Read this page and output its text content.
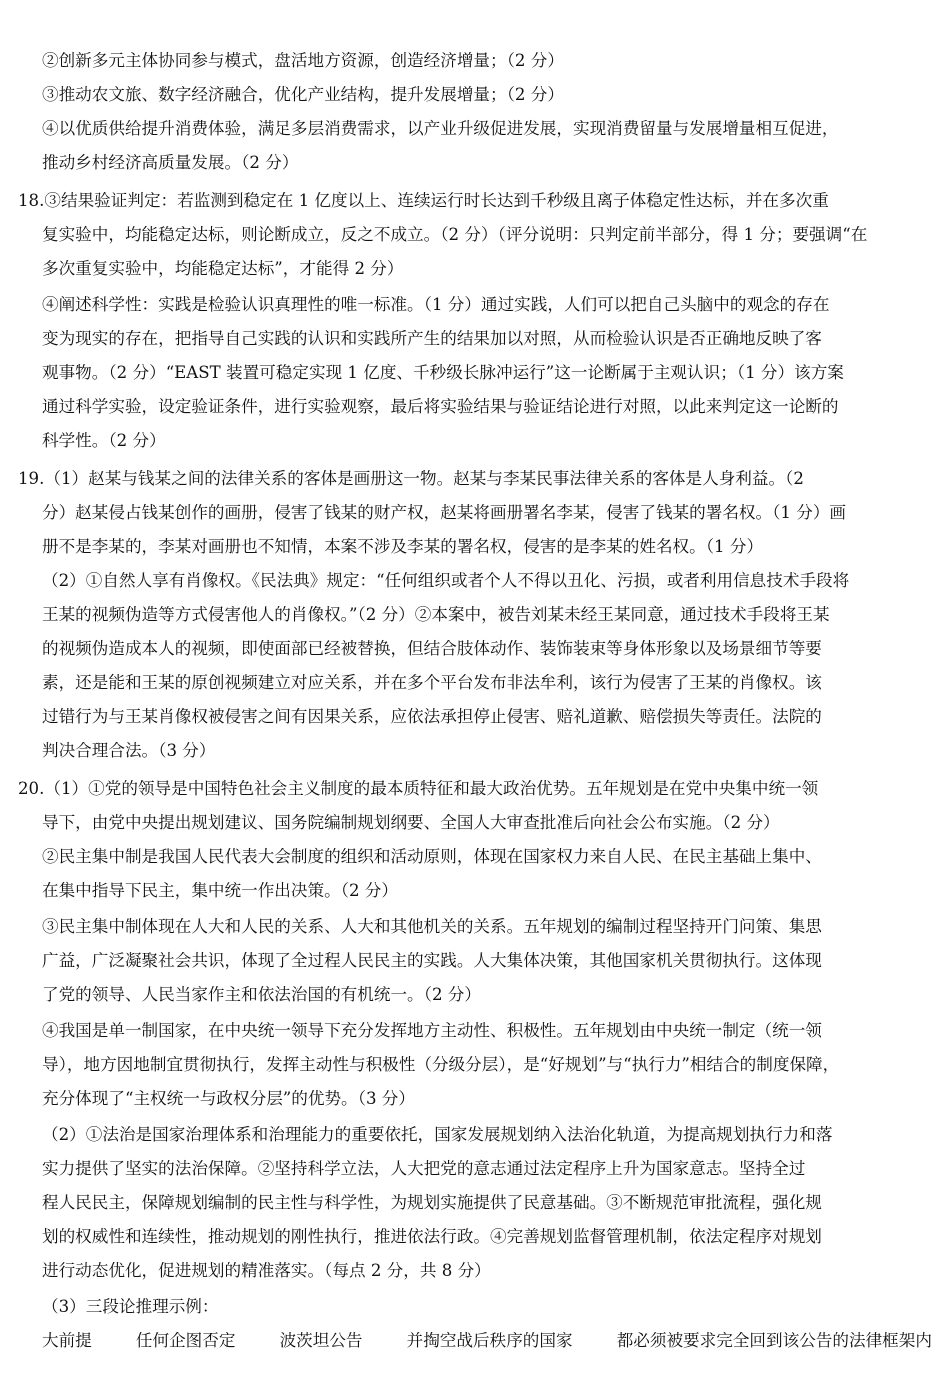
②创新多元主体协同参与模式，盘活地方资源，创造经济增量；（2 分）
③推动农文旅、数字经济融合，优化产业结构，提升发展增量；（2 分）
④以优质供给提升消费体验，满足多层消费需求，以产业升级促进发展，实现消费留量与发展增量相互促进，
推动乡村经济高质量发展。（2 分）
18.③结果验证判定：若监测到稳定在 1 亿度以上、连续运行时长达到千秒级且离子体稳定性达标，并在多次重
复实验中，均能稳定达标，则论断成立，反之不成立。（2 分）（评分说明：只判定前半部分，得 1 分；要强调“在
多次重复实验中，均能稳定达标”，才能得 2 分）
④阐述科学性：实践是检验认识真理性的唯一标准。（1 分）通过实践，人们可以把自己头脑中的观念的存在
变为现实的存在，把指导自己实践的认识和实践所产生的结果加以对照，从而检验认识是否正确地反映了客
观事物。（2 分）“EAST 装置可稳定实现 1 亿度、千秒级长脉冲运行”这一论断属于主观认识；（1 分）该方案
通过科学实验，设定验证条件，进行实验观察，最后将实验结果与验证结论进行对照，以此来判定这一论断的
科学性。（2 分）
19.（1）赵某与钱某之间的法律关系的客体是画册这一物。赵某与李某民事法律关系的客体是人身利益。（2
分）赵某侵占钱某创作的画册，侵害了钱某的财产权，赵某将画册署名李某，侵害了钱某的署名权。（1 分）画
册不是李某的，李某对画册也不知情，本案不涉及李某的署名权，侵害的是李某的姓名权。（1 分）
（2）①自然人享有肖像权。《民法典》规定：“任何组织或者个人不得以丑化、污损，或者利用信息技术手段将
王某的视频伪造等方式侵害他人的肖像权。”（2 分）②本案中，被告刘某未经王某同意，通过技术手段将王某
的视频伪造成本人的视频，即使面部已经被替换，但结合肢体动作、装饰装束等身体形象以及场景细节等要
素，还是能和王某的原创视频建立对应关系，并在多个平台发布非法牟利，该行为侵害了王某的肖像权。该
过错行为与王某肖像权被侵害之间有因果关系，应依法承担停止侵害、赔礼道歉、赔偿损失等责任。法院的
判决合理合法。（3 分）
20.（1）①党的领导是中国特色社会主义制度的最本质特征和最大政治优势。五年规划是在党中央集中统一领
导下，由党中央提出规划建议、国务院编制规划纲要、全国人大审查批准后向社会公布实施。（2 分）
②民主集中制是我国人民代表大会制度的组织和活动原则，体现在国家权力来自人民、在民主基础上集中、
在集中指导下民主，集中统一作出决策。（2 分）
③民主集中制体现在人大和人民的关系、人大和其他机关的关系。五年规划的编制过程坚持开门问策、集思
广益，广泛凝聚社会共识，体现了全过程人民民主的实践。人大集体决策，其他国家机关贯彻执行。这体现
了党的领导、人民当家作主和依法治国的有机统一。（2 分）
④我国是单一制国家，在中央统一领导下充分发挥地方主动性、积极性。五年规划由中央统一制定（统一领
导），地方因地制宜贯彻执行，发挥主动性与积极性（分级分层），是“好规划”与“执行力”相结合的制度保障，
充分体现了“主权统一与政权分层”的优势。（3 分）
（2）①法治是国家治理体系和治理能力的重要依托，国家发展规划纳入法治化轨道，为提高规划执行力和落
实力提供了坚实的法治保障。②坚持科学立法，人大把党的意志通过法定程序上升为国家意志。坚持全过
程人民民主，保障规划编制的民主性与科学性，为规划实施提供了民意基础。③不断规范审批流程，强化规
划的权威性和连续性，推动规划的刚性执行，推进依法行政。④完善规划监督管理机制，依法定程序对规划
进行动态优化，促进规划的精准落实。（每点 2 分，共 8 分）
（3）三段论推理示例：
大前提	任何企图否定	波茨坦公告	并掏空战后秩序的国家	都必须被要求完全回到该公告的法律框架内
